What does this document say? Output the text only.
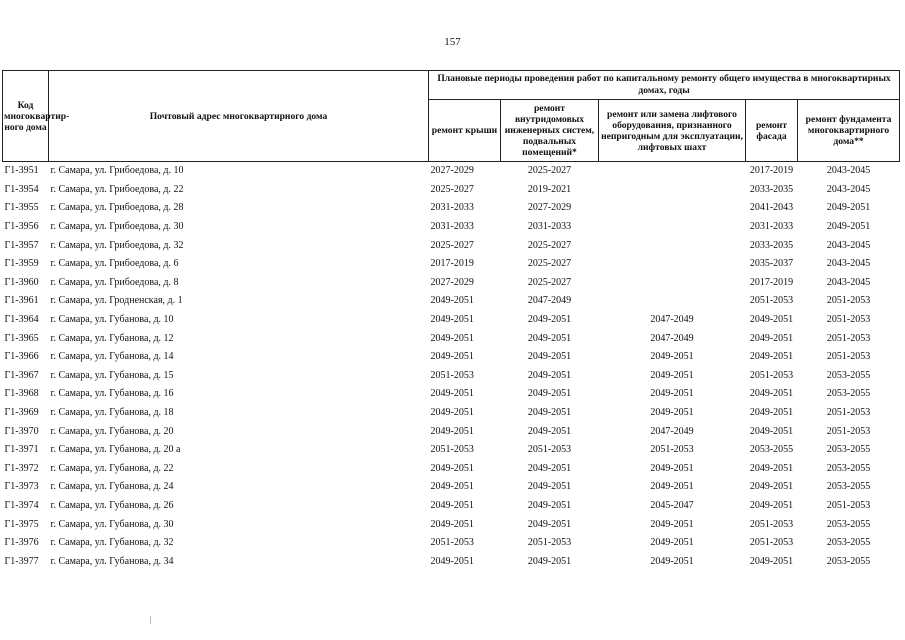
157
Код многоквартир-ного дома	Почтовый адрес многоквартирного дома	Плановые периоды проведения работ по капитальному ремонту общего имущества в многоквартирных домах, годы				
		ремонт крыши	ремонт внутридомовых инженерных систем, подвальных помещений*	ремонт или замена лифтового оборудования, признанного непригодным для эксплуатации, лифтовых шахт	ремонт фасада	ремонт фундамента многоквартирного дома**
Г1-3951	г. Самара, ул. Грибоедова, д. 10	2027-2029	2025-2027		2017-2019	2043-2045
Г1-3954	г. Самара, ул. Грибоедова, д. 22	2025-2027	2019-2021		2033-2035	2043-2045
Г1-3955	г. Самара, ул. Грибоедова, д. 28	2031-2033	2027-2029		2041-2043	2049-2051
Г1-3956	г. Самара, ул. Грибоедова, д. 30	2031-2033	2031-2033		2031-2033	2049-2051
Г1-3957	г. Самара, ул. Грибоедова, д. 32	2025-2027	2025-2027		2033-2035	2043-2045
Г1-3959	г. Самара, ул. Грибоедова, д. 6	2017-2019	2025-2027		2035-2037	2043-2045
Г1-3960	г. Самара, ул. Грибоедова, д. 8	2027-2029	2025-2027		2017-2019	2043-2045
Г1-3961	г. Самара, ул. Гродненская, д. 1	2049-2051	2047-2049		2051-2053	2051-2053
Г1-3964	г. Самара, ул. Губанова, д. 10	2049-2051	2049-2051	2047-2049	2049-2051	2051-2053
Г1-3965	г. Самара, ул. Губанова, д. 12	2049-2051	2049-2051	2047-2049	2049-2051	2051-2053
Г1-3966	г. Самара, ул. Губанова, д. 14	2049-2051	2049-2051	2049-2051	2049-2051	2051-2053
Г1-3967	г. Самара, ул. Губанова, д. 15	2051-2053	2049-2051	2049-2051	2051-2053	2053-2055
Г1-3968	г. Самара, ул. Губанова, д. 16	2049-2051	2049-2051	2049-2051	2049-2051	2053-2055
Г1-3969	г. Самара, ул. Губанова, д. 18	2049-2051	2049-2051	2049-2051	2049-2051	2051-2053
Г1-3970	г. Самара, ул. Губанова, д. 20	2049-2051	2049-2051	2047-2049	2049-2051	2051-2053
Г1-3971	г. Самара, ул. Губанова, д. 20 а	2051-2053	2051-2053	2051-2053	2053-2055	2053-2055
Г1-3972	г. Самара, ул. Губанова, д. 22	2049-2051	2049-2051	2049-2051	2049-2051	2053-2055
Г1-3973	г. Самара, ул. Губанова, д. 24	2049-2051	2049-2051	2049-2051	2049-2051	2053-2055
Г1-3974	г. Самара, ул. Губанова, д. 26	2049-2051	2049-2051	2045-2047	2049-2051	2051-2053
Г1-3975	г. Самара, ул. Губанова, д. 30	2049-2051	2049-2051	2049-2051	2051-2053	2053-2055
Г1-3976	г. Самара, ул. Губанова, д. 32	2051-2053	2051-2053	2049-2051	2051-2053	2053-2055
Г1-3977	г. Самара, ул. Губанова, д. 34	2049-2051	2049-2051	2049-2051	2049-2051	2053-2055
